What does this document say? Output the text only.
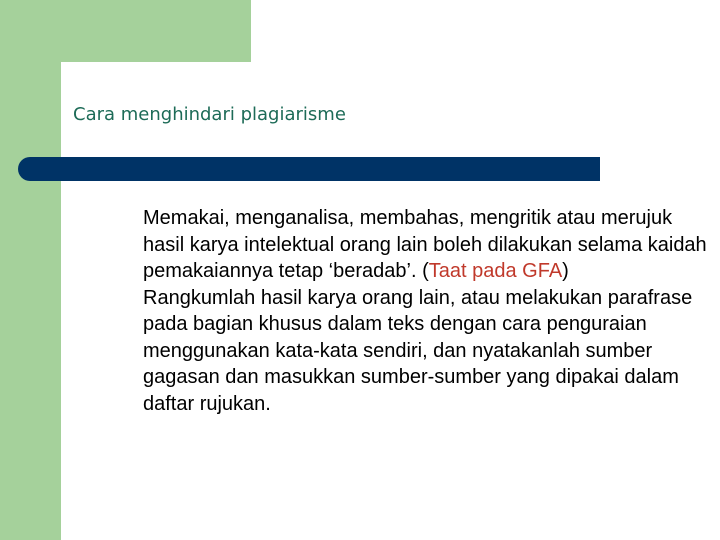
Cara menghindari plagiarisme

Memakai, menganalisa, membahas, mengritik atau merujuk hasil karya intelektual orang lain boleh dilakukan selama kaidah pemakaiannya tetap ‘beradab’. (Taat pada GFA)

Rangkumlah hasil karya orang lain, atau melakukan parafrase pada bagian khusus dalam teks dengan cara penguraian menggunakan kata-kata sendiri, dan nyatakanlah sumber gagasan dan masukkan sumber-sumber yang dipakai dalam daftar rujukan.
